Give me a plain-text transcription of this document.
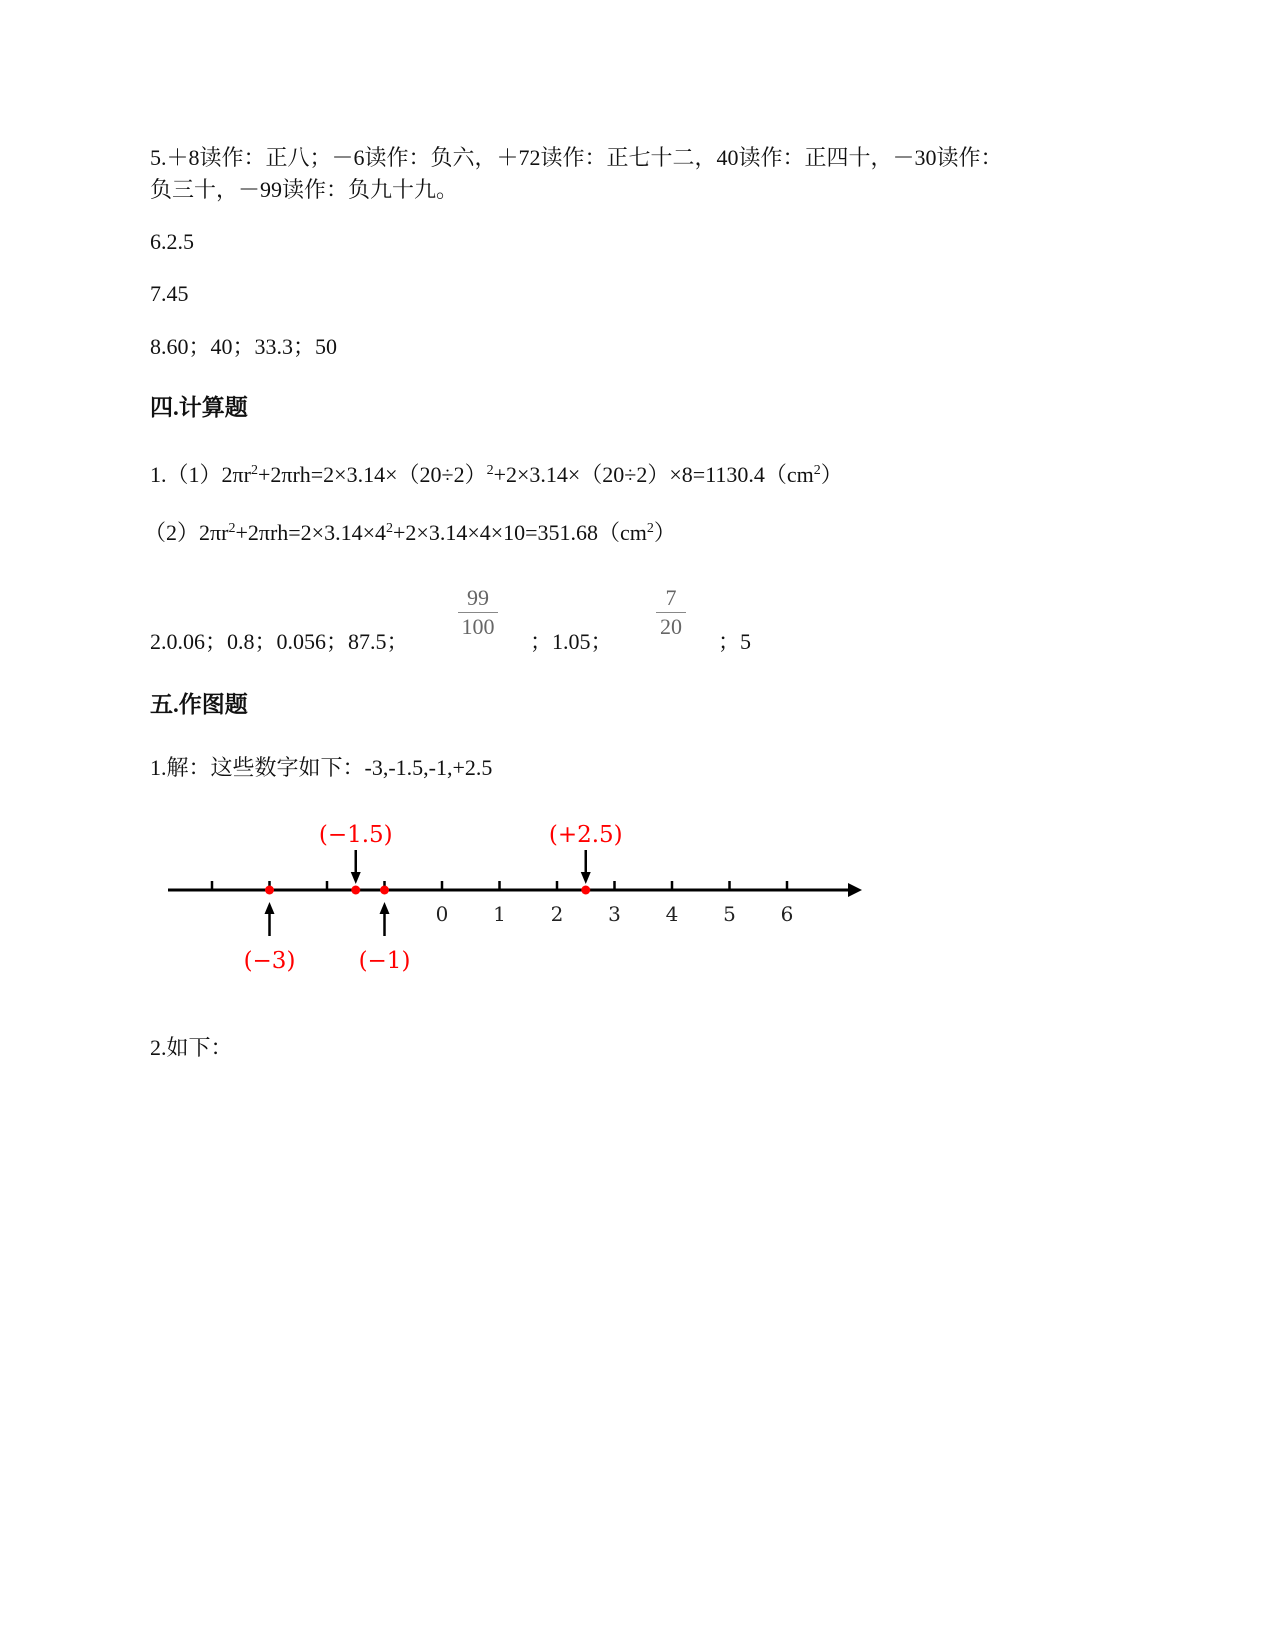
5.＋8读作：正八；－6读作：负六，＋72读作：正七十二，40读作：正四十，－30读作：
负三十，－99读作：负九十九。
6.2.5
7.45
8.60；40；33.3；50
四.计算题
$1.(1)2\pi r^2+2\pi rh=2\times 3.14\times(20\div 2)^2+2\times 3.14\times(20\div 2)\times 8=1130.4(cm^2)$
$(2)2\pi r^2+2\pi rh=2\times 3.14\times 4^2+2\times 3.14\times 4\times 10=351.68(cm^2)$
2.0.06；0.8；0.056；87.5；
99
100
；1.05；
7
20
；5
五.作图题
1.解：这些数字如下：-3,-1.5,-1,+2.5
0 1 2 3 4 5 6
(−1.5)	(+2.5)
(−3)	(−1)
2.如下：
